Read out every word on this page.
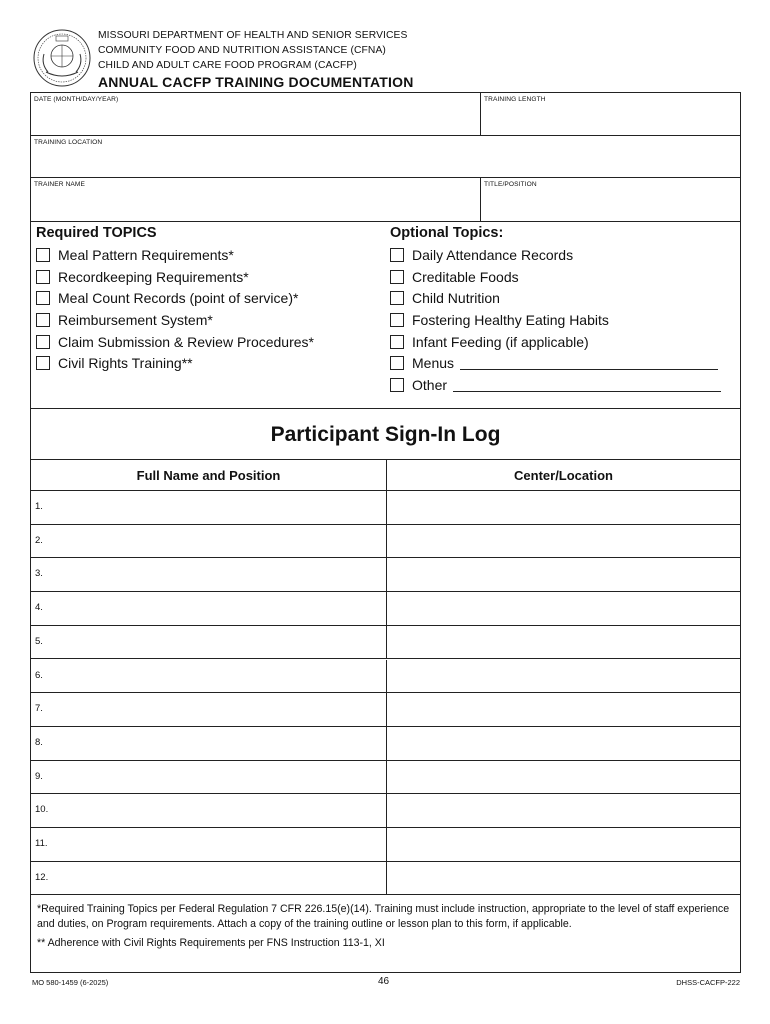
MISSOURI DEPARTMENT OF HEALTH AND SENIOR SERVICES
COMMUNITY FOOD AND NUTRITION ASSISTANCE (CFNA)
CHILD AND ADULT CARE FOOD PROGRAM (CACFP)
ANNUAL CACFP TRAINING DOCUMENTATION
DATE (MONTH/DAY/YEAR)	TRAINING LENGTH
TRAINING LOCATION
TRAINER NAME	TITLE/POSITION
Required TOPICS
Meal Pattern Requirements*
Recordkeeping Requirements*
Meal Count Records (point of service)*
Reimbursement System*
Claim Submission & Review Procedures*
Civil Rights Training**
Optional Topics:
Daily Attendance Records
Creditable Foods
Child Nutrition
Fostering Healthy Eating Habits
Infant Feeding (if applicable)
Menus
Other
Participant Sign-In Log
Full Name and Position	Center/Location
1.
2.
3.
4.
5.
6.
7.
8.
9.
10.
11.
12.

*Required Training Topics per Federal Regulation 7 CFR 226.15(e)(14). Training must include instruction, appropriate to the level of staff experience and duties, on Program requirements. Attach a copy of the training outline or lesson plan to this form, if applicable.

** Adherence with Civil Rights Requirements per FNS Instruction 113-1, XI

MO 580-1459 (6-2025)	46	DHSS-CACFP-222
